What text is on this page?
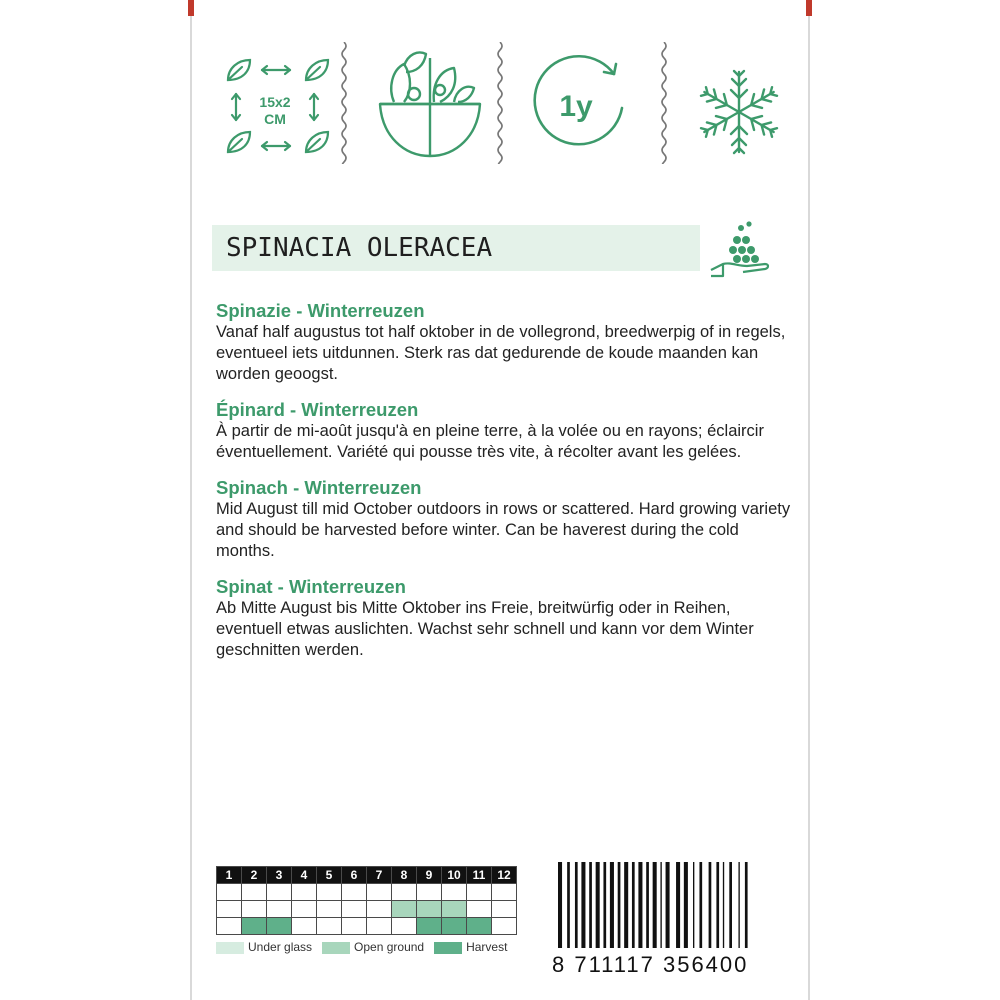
15x2
CM	1y
SPINACIA OLERACEA
Spinazie - Winterreuzen
Vanaf half augustus tot half oktober in de vollegrond, breedwerpig of in regels, eventueel iets uitdunnen. Sterk ras dat gedurende de koude maanden kan worden geoogst.
Épinard - Winterreuzen
À partir de mi-août jusqu'à en pleine terre, à la volée ou en rayons; éclaircir éventuellement. Variété qui pousse très vite, à récolter avant les gelées.
Spinach - Winterreuzen
Mid August till mid October outdoors in rows or scattered. Hard growing variety and should be harvested before winter. Can be haverest during the cold months.
Spinat - Winterreuzen
Ab Mitte August bis Mitte Oktober ins Freie, breitwürfig oder in Reihen, eventuell etwas auslichten. Wachst sehr schnell und kann vor dem Winter geschnitten werden.
1	2	3	4	5	6	7	8	9	10	11	12

Under glass	Open ground	Harvest
8 711117 356400
